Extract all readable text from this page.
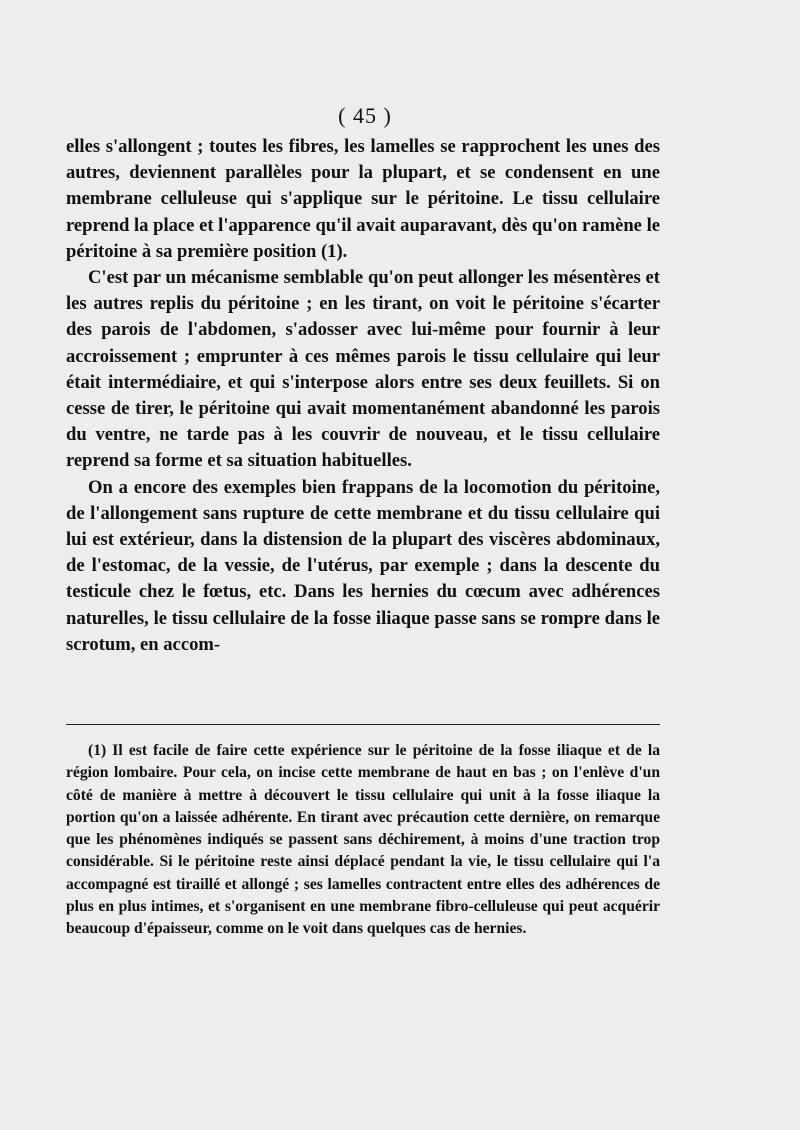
( 45 )

elles s'allongent ; toutes les fibres, les lamelles se rapprochent les unes des autres, deviennent parallèles pour la plupart, et se condensent en une membrane celluleuse qui s'applique sur le péritoine. Le tissu cellulaire reprend la place et l'apparence qu'il avait auparavant, dès qu'on ramène le péritoine à sa première position (1).

C'est par un mécanisme semblable qu'on peut allonger les mésentères et les autres replis du péritoine ; en les tirant, on voit le péritoine s'écarter des parois de l'abdomen, s'adosser avec lui-même pour fournir à leur accroissement ; emprunter à ces mêmes parois le tissu cellulaire qui leur était intermédiaire, et qui s'interpose alors entre ses deux feuillets. Si on cesse de tirer, le péritoine qui avait momentanément abandonné les parois du ventre, ne tarde pas à les couvrir de nouveau, et le tissu cellulaire reprend sa forme et sa situation habituelles.

On a encore des exemples bien frappans de la locomotion du péritoine, de l'allongement sans rupture de cette membrane et du tissu cellulaire qui lui est extérieur, dans la distension de la plupart des viscères abdominaux, de l'estomac, de la vessie, de l'utérus, par exemple ; dans la descente du testicule chez le fœtus, etc. Dans les hernies du cœcum avec adhérences naturelles, le tissu cellulaire de la fosse iliaque passe sans se rompre dans le scrotum, en accom-

(1) Il est facile de faire cette expérience sur le péritoine de la fosse iliaque et de la région lombaire. Pour cela, on incise cette membrane de haut en bas ; on l'enlève d'un côté de manière à mettre à découvert le tissu cellulaire qui unit à la fosse iliaque la portion qu'on a laissée adhérente. En tirant avec précaution cette dernière, on remarque que les phénomènes indiqués se passent sans déchirement, à moins d'une traction trop considérable. Si le péritoine reste ainsi déplacé pendant la vie, le tissu cellulaire qui l'a accompagné est tiraillé et allongé ; ses lamelles contractent entre elles des adhérences de plus en plus intimes, et s'organisent en une membrane fibro-celluleuse qui peut acquérir beaucoup d'épaisseur, comme on le voit dans quelques cas de hernies.
